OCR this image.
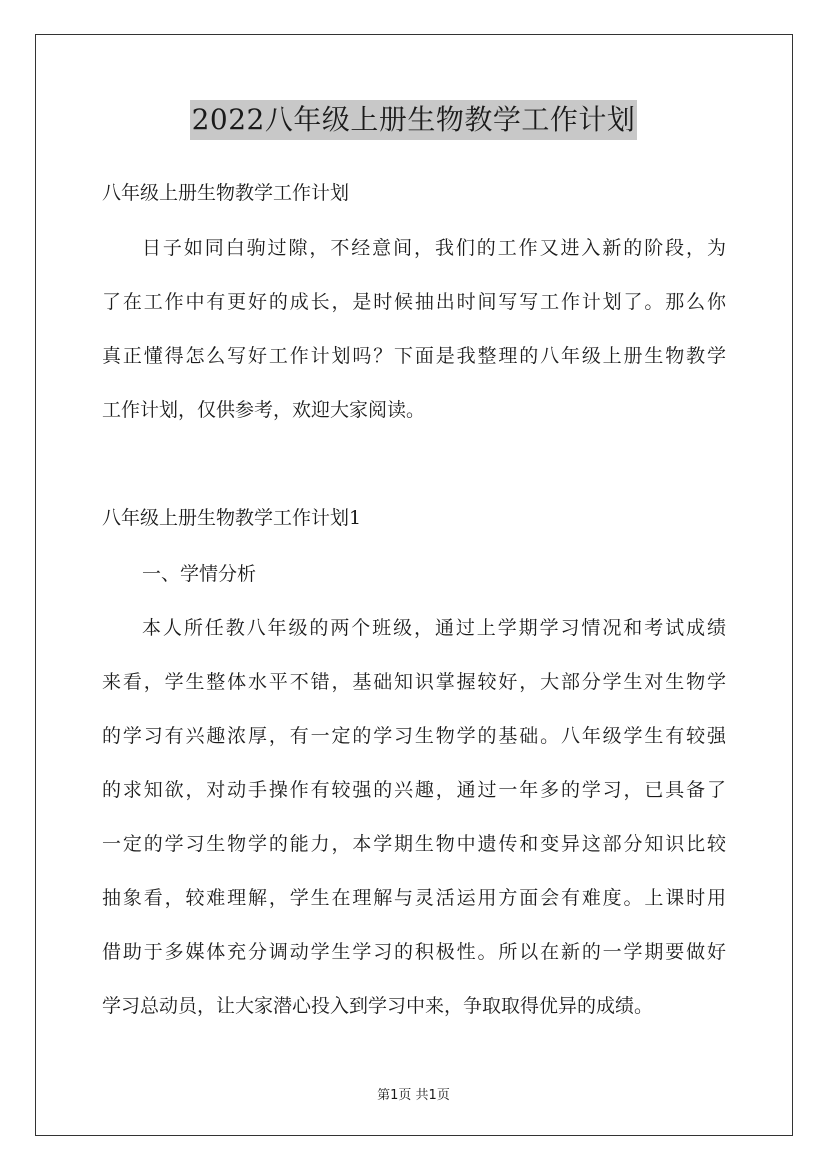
2022八年级上册生物教学工作计划
八年级上册生物教学工作计划
日子如同白驹过隙，不经意间，我们的工作又进入新的阶段，为
了在工作中有更好的成长，是时候抽出时间写写工作计划了。那么你
真正懂得怎么写好工作计划吗？下面是我整理的八年级上册生物教学
工作计划，仅供参考，欢迎大家阅读。
八年级上册生物教学工作计划1
一、学情分析
本人所任教八年级的两个班级，通过上学期学习情况和考试成绩
来看，学生整体水平不错，基础知识掌握较好，大部分学生对生物学
的学习有兴趣浓厚，有一定的学习生物学的基础。八年级学生有较强
的求知欲，对动手操作有较强的兴趣，通过一年多的学习，已具备了
一定的学习生物学的能力，本学期生物中遗传和变异这部分知识比较
抽象看，较难理解，学生在理解与灵活运用方面会有难度。上课时用
借助于多媒体充分调动学生学习的积极性。所以在新的一学期要做好
学习总动员，让大家潜心投入到学习中来，争取取得优异的成绩。
第1页 共1页
